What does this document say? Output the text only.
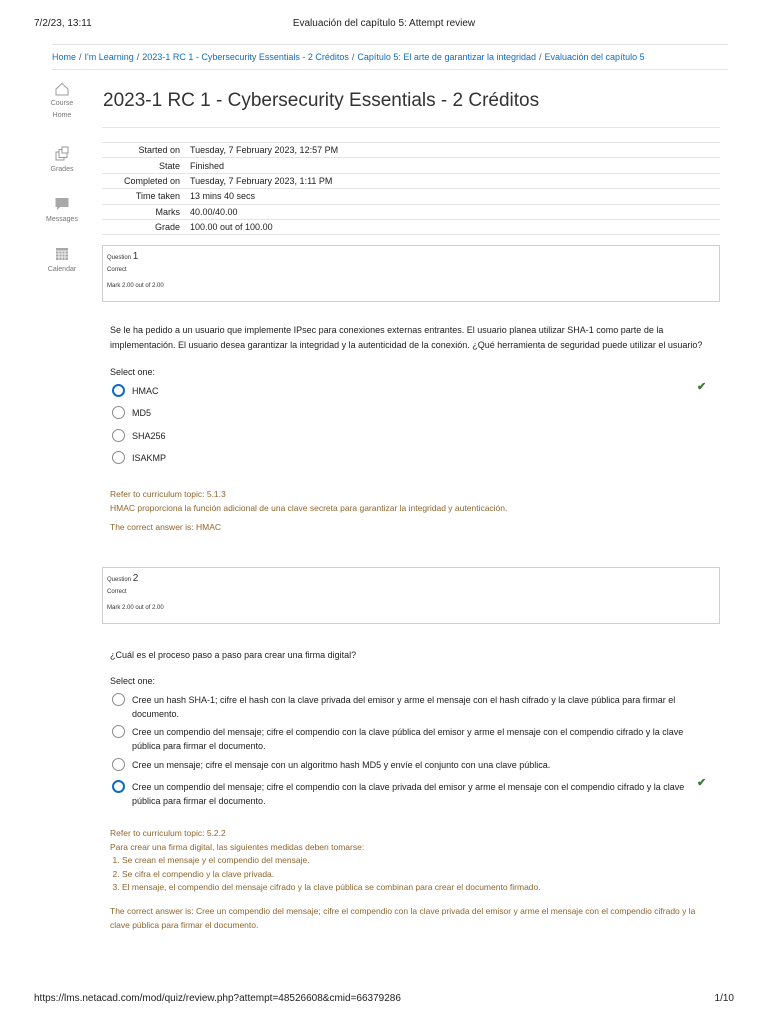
7/2/23, 13:11	Evaluación del capítulo 5: Attempt review
Home / I'm Learning / 2023-1 RC 1 - Cybersecurity Essentials - 2 Créditos / Capítulo 5: El arte de garantizar la integridad / Evaluación del capítulo 5
Course
Home
Grades
Messages
Calendar
2023-1 RC 1 - Cybersecurity Essentials - 2 Créditos
Started on	Tuesday, 7 February 2023, 12:57 PM
State	Finished
Completed on	Tuesday, 7 February 2023, 1:11 PM
Time taken	13 mins 40 secs
Marks	40.00/40.00
Grade	100.00 out of 100.00
Question 1
Correct
Mark 2.00 out of 2.00
Se le ha pedido a un usuario que implemente IPsec para conexiones externas entrantes. El usuario planea utilizar SHA-1 como parte de la implementación. El usuario desea garantizar la integridad y la autenticidad de la conexión. ¿Qué herramienta de seguridad puede utilizar el usuario?
Select one:
HMAC	✔
MD5
SHA256
ISAKMP
Refer to curriculum topic: 5.1.3
HMAC proporciona la función adicional de una clave secreta para garantizar la integridad y autenticación.
The correct answer is: HMAC
Question 2
Correct
Mark 2.00 out of 2.00
¿Cuál es el proceso paso a paso para crear una firma digital?
Select one:
Cree un hash SHA-1; cifre el hash con la clave privada del emisor y arme el mensaje con el hash cifrado y la clave pública para firmar el documento.
Cree un compendio del mensaje; cifre el compendio con la clave pública del emisor y arme el mensaje con el compendio cifrado y la clave pública para firmar el documento.
Cree un mensaje; cifre el mensaje con un algoritmo hash MD5 y envíe el conjunto con una clave pública.
Cree un compendio del mensaje; cifre el compendio con la clave privada del emisor y arme el mensaje con el compendio cifrado y la clave pública para firmar el documento.
✔
Refer to curriculum topic: 5.2.2
Para crear una firma digital, las siguientes medidas deben tomarse:
1. Se crean el mensaje y el compendio del mensaje.
2. Se cifra el compendio y la clave privada.
3. El mensaje, el compendio del mensaje cifrado y la clave pública se combinan para crear el documento firmado.
The correct answer is: Cree un compendio del mensaje; cifre el compendio con la clave privada del emisor y arme el mensaje con el compendio cifrado y la clave pública para firmar el documento.
https://lms.netacad.com/mod/quiz/review.php?attempt=48526608&cmid=66379286	1/10
